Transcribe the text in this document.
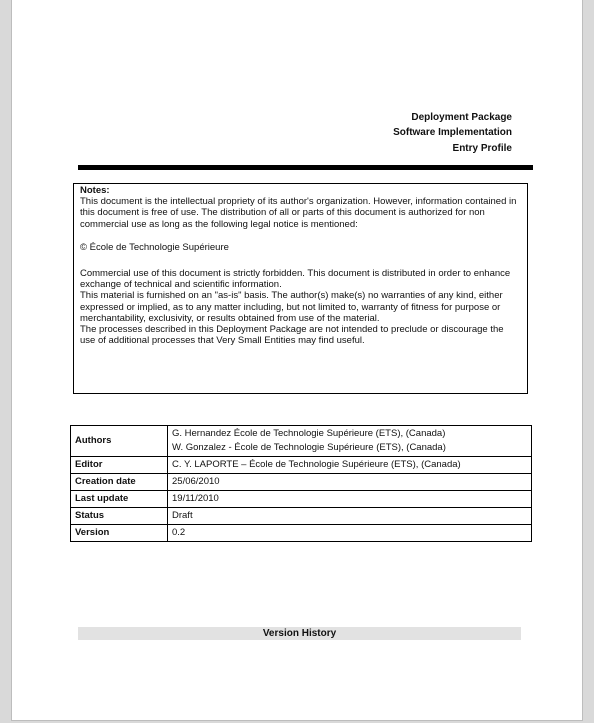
Deployment Package
Software Implementation
Entry Profile
Notes:

This document is the intellectual propriety of its author's organization. However, information contained in this document is free of use. The distribution of all or parts of this document is authorized for non commercial use as long as the following legal notice is mentioned:

© École de Technologie Supérieure

Commercial use of this document is strictly forbidden. This document is distributed in order to enhance exchange of technical and scientific information.

This material is furnished on an "as-is" basis. The author(s) make(s) no warranties of any kind, either expressed or implied, as to any matter including, but not limited to, warranty of fitness for purpose or merchantability, exclusivity, or results obtained from use of the material.

The processes described in this Deployment Package are not intended to preclude or discourage the use of additional processes that Very Small Entities may find useful.

Authors	G. Hernandez École de Technologie Supérieure (ETS), (Canada)
W. Gonzalez - École de Technologie Supérieure (ETS), (Canada)

Editor	C. Y. LAPORTE – École de Technologie Supérieure (ETS), (Canada)
Creation date	25/06/2010
Last update	19/11/2010
Status	Draft
Version	0.2
Version History
